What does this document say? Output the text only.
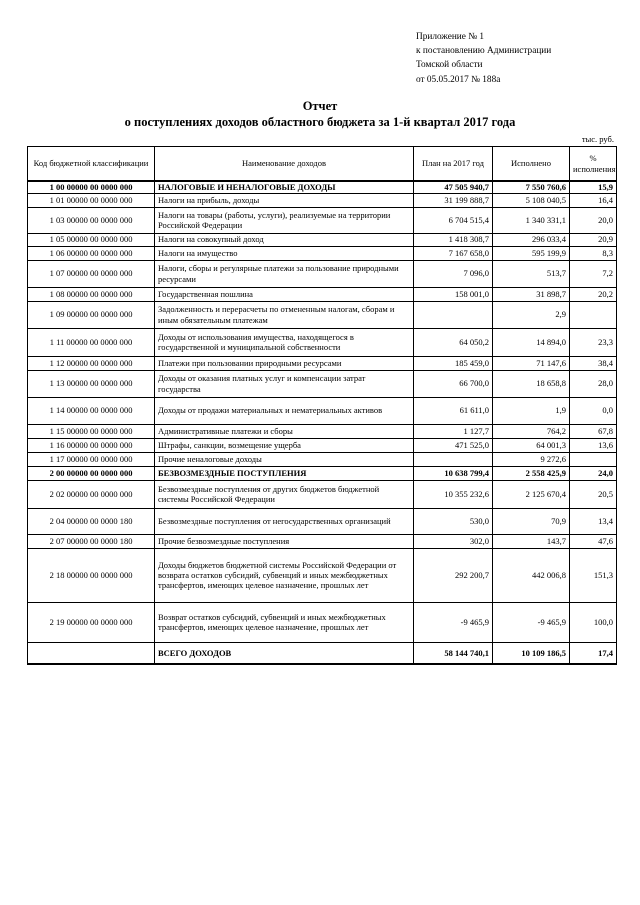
Приложение № 1
к постановлению Администрации
Томской области
от 05.05.2017 № 188а
Отчет
о поступлениях доходов областного бюджета за 1-й квартал 2017 года
тыс. руб.
Код бюджетной классификации	Наименование доходов	План на 2017 год	Исполнено	% исполнения
1 00 00000 00 0000 000	НАЛОГОВЫЕ И НЕНАЛОГОВЫЕ ДОХОДЫ	47 505 940,7	7 550 760,6	15,9
1 01 00000 00 0000 000	Налоги на прибыль, доходы	31 199 888,7	5 108 040,5	16,4
1 03 00000 00 0000 000	Налоги на товары (работы, услуги), реализуемые на территории Российской Федерации	6 704 515,4	1 340 331,1	20,0
1 05 00000 00 0000 000	Налоги на совокупный доход	1 418 308,7	296 033,4	20,9
1 06 00000 00 0000 000	Налоги на имущество	7 167 658,0	595 199,9	8,3
1 07 00000 00 0000 000	Налоги, сборы и регулярные платежи за пользование природными ресурсами	7 096,0	513,7	7,2
1 08 00000 00 0000 000	Государственная пошлина	158 001,0	31 898,7	20,2
1 09 00000 00 0000 000	Задолженность и перерасчеты по отмененным налогам, сборам и иным обязательным платежам		2,9	
1 11 00000 00 0000 000	Доходы от использования имущества, находящегося в государственной и муниципальной собственности	64 050,2	14 894,0	23,3
1 12 00000 00 0000 000	Платежи при пользовании природными ресурсами	185 459,0	71 147,6	38,4
1 13 00000 00 0000 000	Доходы от оказания платных услуг и компенсации затрат государства	66 700,0	18 658,8	28,0
1 14 00000 00 0000 000	Доходы от продажи материальных и нематериальных активов	61 611,0	1,9	0,0
1 15 00000 00 0000 000	Административные платежи и сборы	1 127,7	764,2	67,8
1 16 00000 00 0000 000	Штрафы, санкции, возмещение ущерба	471 525,0	64 001,3	13,6
1 17 00000 00 0000 000	Прочие неналоговые доходы		9 272,6	
2 00 00000 00 0000 000	БЕЗВОЗМЕЗДНЫЕ ПОСТУПЛЕНИЯ	10 638 799,4	2 558 425,9	24,0
2 02 00000 00 0000 000	Безвозмездные поступления от других бюджетов бюджетной системы Российской Федерации	10 355 232,6	2 125 670,4	20,5
2 04 00000 00 0000 180	Безвозмездные поступления от негосударственных организаций	530,0	70,9	13,4
2 07 00000 00 0000 180	Прочие безвозмездные поступления	302,0	143,7	47,6
2 18 00000 00 0000 000	Доходы бюджетов бюджетной системы Российской Федерации от возврата остатков субсидий, субвенций и иных межбюджетных трансфертов, имеющих целевое назначение, прошлых лет	292 200,7	442 006,8	151,3
2 19 00000 00 0000 000	Возврат остатков субсидий, субвенций и иных межбюджетных трансфертов, имеющих целевое назначение, прошлых лет	-9 465,9	-9 465,9	100,0
	ВСЕГО ДОХОДОВ	58 144 740,1	10 109 186,5	17,4
